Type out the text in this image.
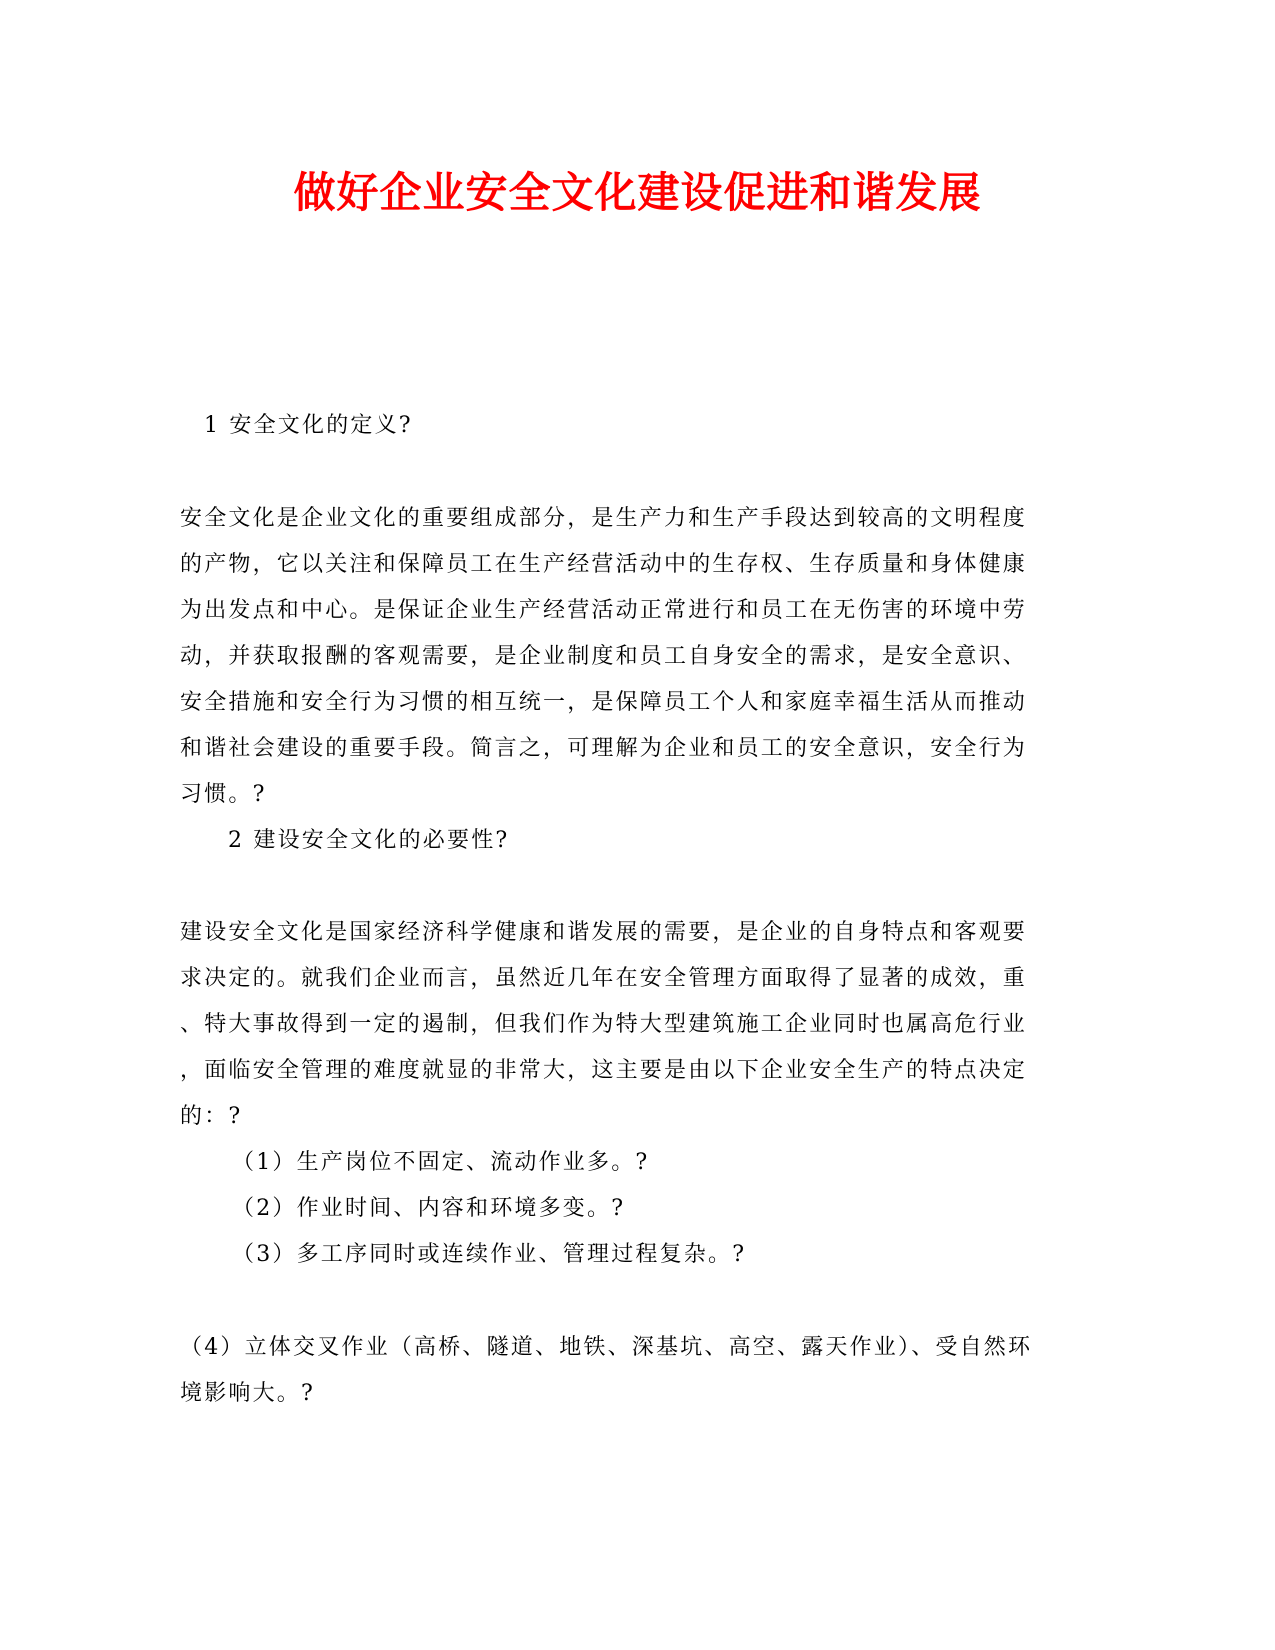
做好企业安全文化建设促进和谐发展
1 安全文化的定义?
安全文化是企业文化的重要组成部分，是生产力和生产手段达到较高的文明程度
的产物，它以关注和保障员工在生产经营活动中的生存权、生存质量和身体健康
为出发点和中心。是保证企业生产经营活动正常进行和员工在无伤害的环境中劳
动，并获取报酬的客观需要，是企业制度和员工自身安全的需求，是安全意识、
安全措施和安全行为习惯的相互统一，是保障员工个人和家庭幸福生活从而推动
和谐社会建设的重要手段。简言之，可理解为企业和员工的安全意识，安全行为
习惯。?
2 建设安全文化的必要性?
建设安全文化是国家经济科学健康和谐发展的需要，是企业的自身特点和客观要
求决定的。就我们企业而言，虽然近几年在安全管理方面取得了显著的成效，重
、特大事故得到一定的遏制，但我们作为特大型建筑施工企业同时也属高危行业
，面临安全管理的难度就显的非常大，这主要是由以下企业安全生产的特点决定
的：?
（1）生产岗位不固定、流动作业多。?
（2）作业时间、内容和环境多变。?
（3）多工序同时或连续作业、管理过程复杂。?
（4）立体交叉作业（高桥、隧道、地铁、深基坑、高空、露天作业）、受自然环
境影响大。?
